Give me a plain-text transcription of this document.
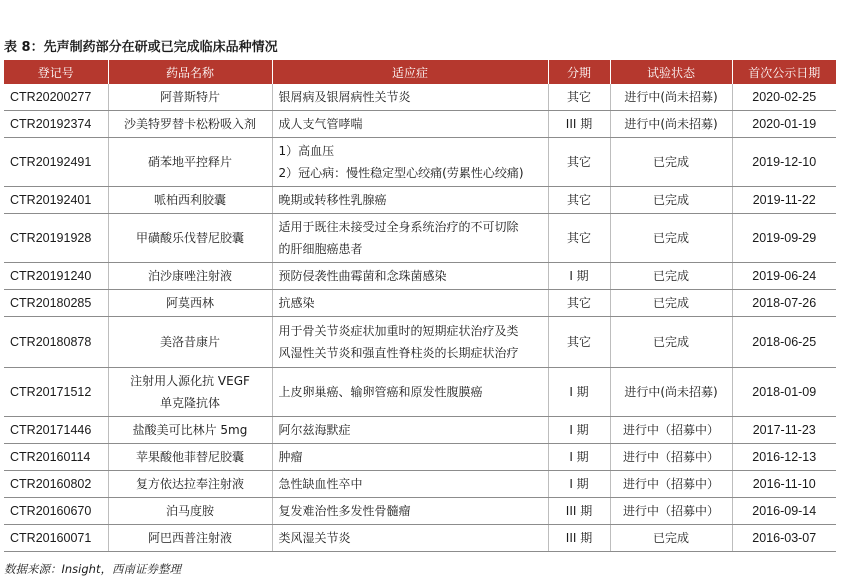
表 8：先声制药部分在研或已完成临床品种情况
登记号	药品名称	适应症	分期	试验状态	首次公示日期
CTR20200277	阿普斯特片	银屑病及银屑病性关节炎	其它	进行中(尚未招募)	2020-02-25
CTR20192374	沙美特罗替卡松粉吸入剂	成人支气管哮喘	III 期	进行中(尚未招募)	2020-01-19
CTR20192491	硝苯地平控释片	1）高血压
2）冠心病：慢性稳定型心绞痛(劳累性心绞痛)	其它	已完成	2019-12-10
CTR20192401	哌柏西利胶囊	晚期或转移性乳腺癌	其它	已完成	2019-11-22
CTR20191928	甲磺酸乐伐替尼胶囊	适用于既往未接受过全身系统治疗的不可切除
的肝细胞癌患者	其它	已完成	2019-09-29
CTR20191240	泊沙康唑注射液	预防侵袭性曲霉菌和念珠菌感染	I 期	已完成	2019-06-24
CTR20180285	阿莫西林	抗感染	其它	已完成	2018-07-26
CTR20180878	美洛昔康片	用于骨关节炎症状加重时的短期症状治疗及类
风湿性关节炎和强直性脊柱炎的长期症状治疗	其它	已完成	2018-06-25
CTR20171512	注射用人源化抗 VEGF
单克隆抗体	上皮卵巢癌、输卵管癌和原发性腹膜癌	I 期	进行中(尚未招募)	2018-01-09
CTR20171446	盐酸美可比林片 5mg	阿尔兹海默症	I 期	进行中（招募中）	2017-11-23
CTR20160114	苹果酸他菲替尼胶囊	肿瘤	I 期	进行中（招募中）	2016-12-13
CTR20160802	复方依达拉奉注射液	急性缺血性卒中	I 期	进行中（招募中）	2016-11-10
CTR20160670	泊马度胺	复发难治性多发性骨髓瘤	III 期	进行中（招募中）	2016-09-14
CTR20160071	阿巴西普注射液	类风湿关节炎	III 期	已完成	2016-03-07
数据来源：Insight，西南证券整理
